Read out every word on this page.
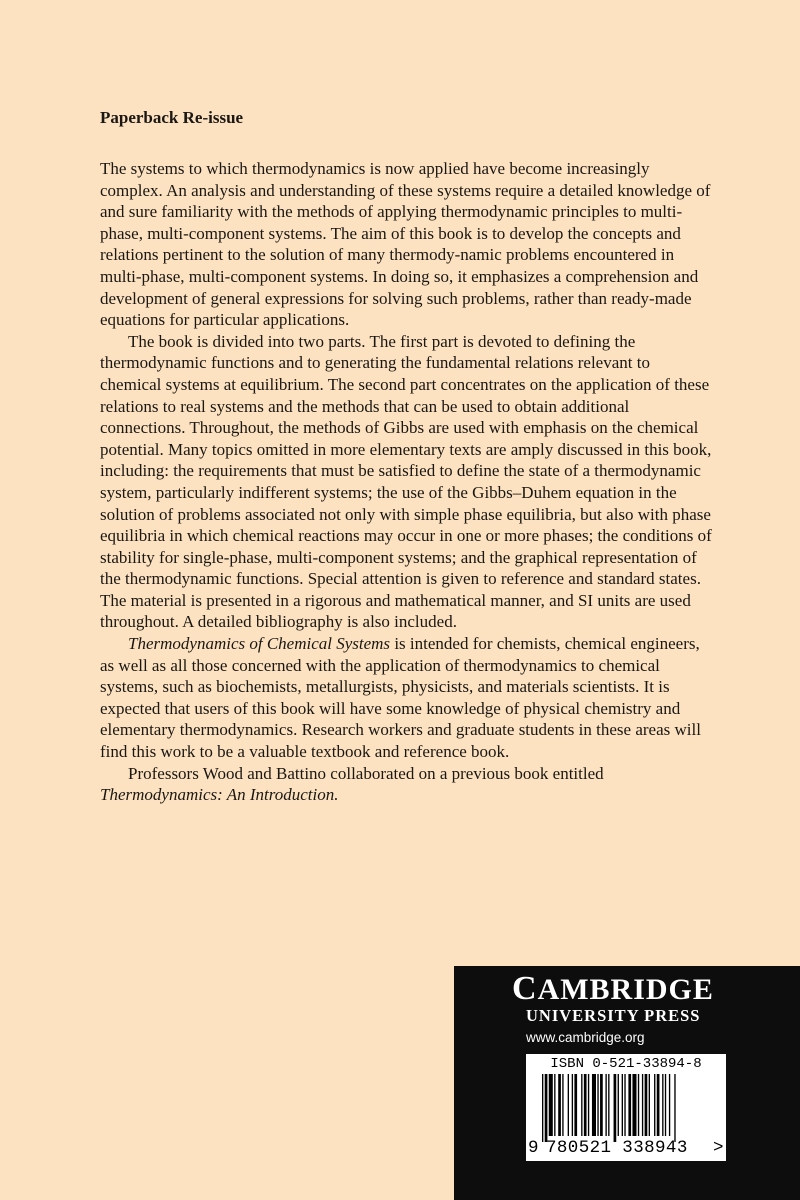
Paperback Re-issue

The systems to which thermodynamics is now applied have become increasingly complex. An analysis and understanding of these systems require a detailed knowledge of and sure familiarity with the methods of applying thermodynamic principles to multi-phase, multi-component systems. The aim of this book is to develop the concepts and relations pertinent to the solution of many thermody-namic problems encountered in multi-phase, multi-component systems. In doing so, it emphasizes a comprehension and development of general expressions for solving such problems, rather than ready-made equations for particular applications.

The book is divided into two parts. The first part is devoted to defining the thermodynamic functions and to generating the fundamental relations relevant to chemical systems at equilibrium. The second part concentrates on the application of these relations to real systems and the methods that can be used to obtain additional connections. Throughout, the methods of Gibbs are used with emphasis on the chemical potential. Many topics omitted in more elementary texts are amply discussed in this book, including: the requirements that must be satisfied to define the state of a thermodynamic system, particularly indifferent systems; the use of the Gibbs–Duhem equation in the solution of problems associated not only with simple phase equilibria, but also with phase equilibria in which chemical reactions may occur in one or more phases; the conditions of stability for single-phase, multi-component systems; and the graphical representation of the thermodynamic functions. Special attention is given to reference and standard states. The material is presented in a rigorous and mathematical manner, and SI units are used throughout. A detailed bibliography is also included.

Thermodynamics of Chemical Systems is intended for chemists, chemical engineers, as well as all those concerned with the application of thermodynamics to chemical systems, such as biochemists, metallurgists, physicists, and materials scientists. It is expected that users of this book will have some knowledge of physical chemistry and elementary thermodynamics. Research workers and graduate students in these areas will find this work to be a valuable textbook and reference book.

Professors Wood and Battino collaborated on a previous book entitled
Thermodynamics: An Introduction.

CAMBRIDGE
UNIVERSITY PRESS
www.cambridge.org
ISBN 0-521-33894-8
9 780521 338943 >
